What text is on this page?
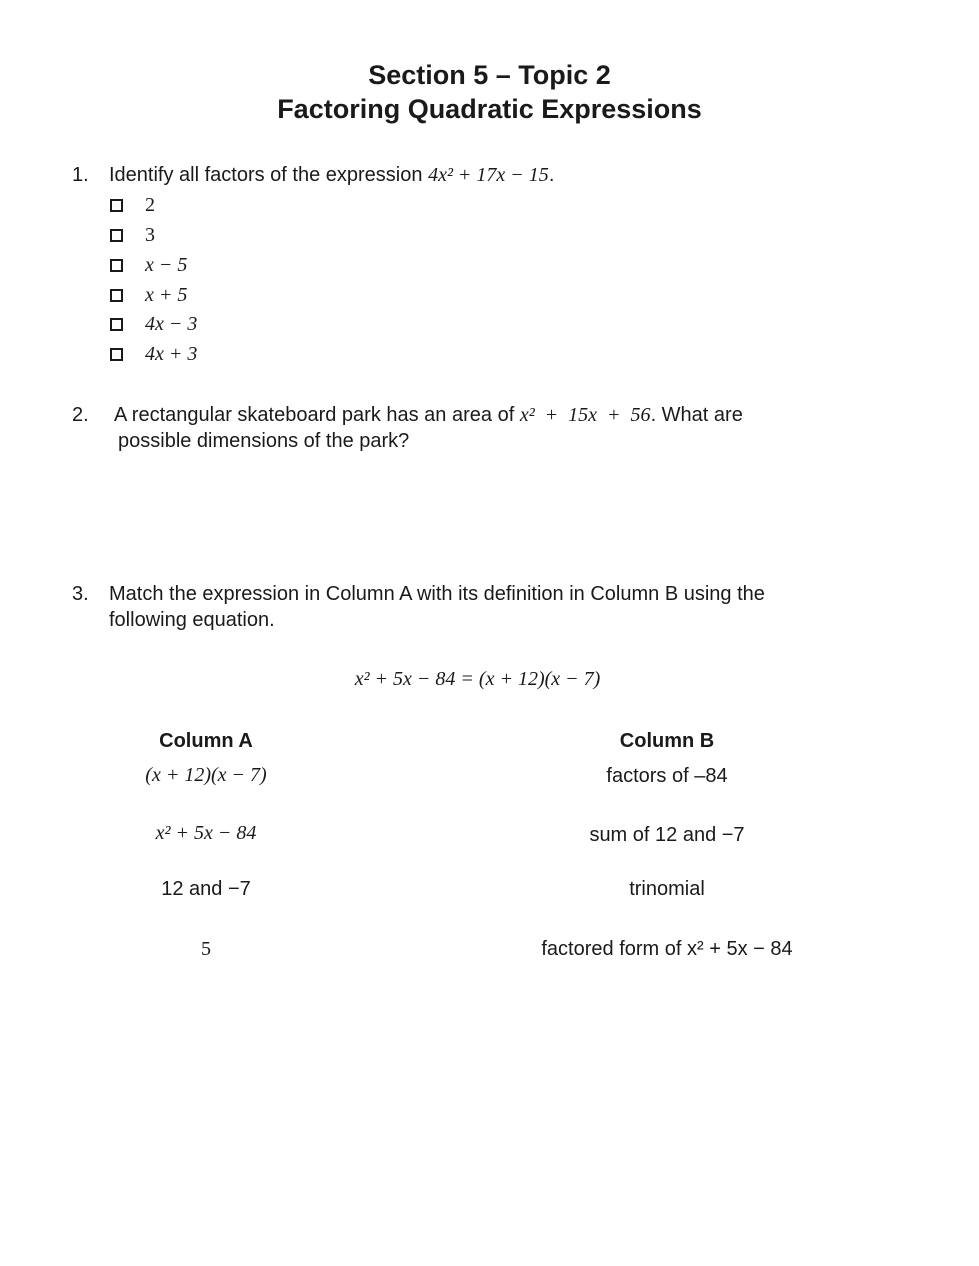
Section 5 – Topic 2
Factoring Quadratic Expressions
1. Identify all factors of the expression 4x² + 17x − 15.
2
3
x − 5
x + 5
4x − 3
4x + 3
2. A rectangular skateboard park has an area of x²  +  15x  +  56. What are
possible dimensions of the park?
3. Match the expression in Column A with its definition in Column B using the
following equation.
x² + 5x − 84 = (x + 12)(x − 7)
Column A	Column B
(x + 12)(x − 7)
x² + 5x − 84
12 and −7
5
factors of –84
sum of 12 and −7
trinomial
factored form of x² + 5x − 84
